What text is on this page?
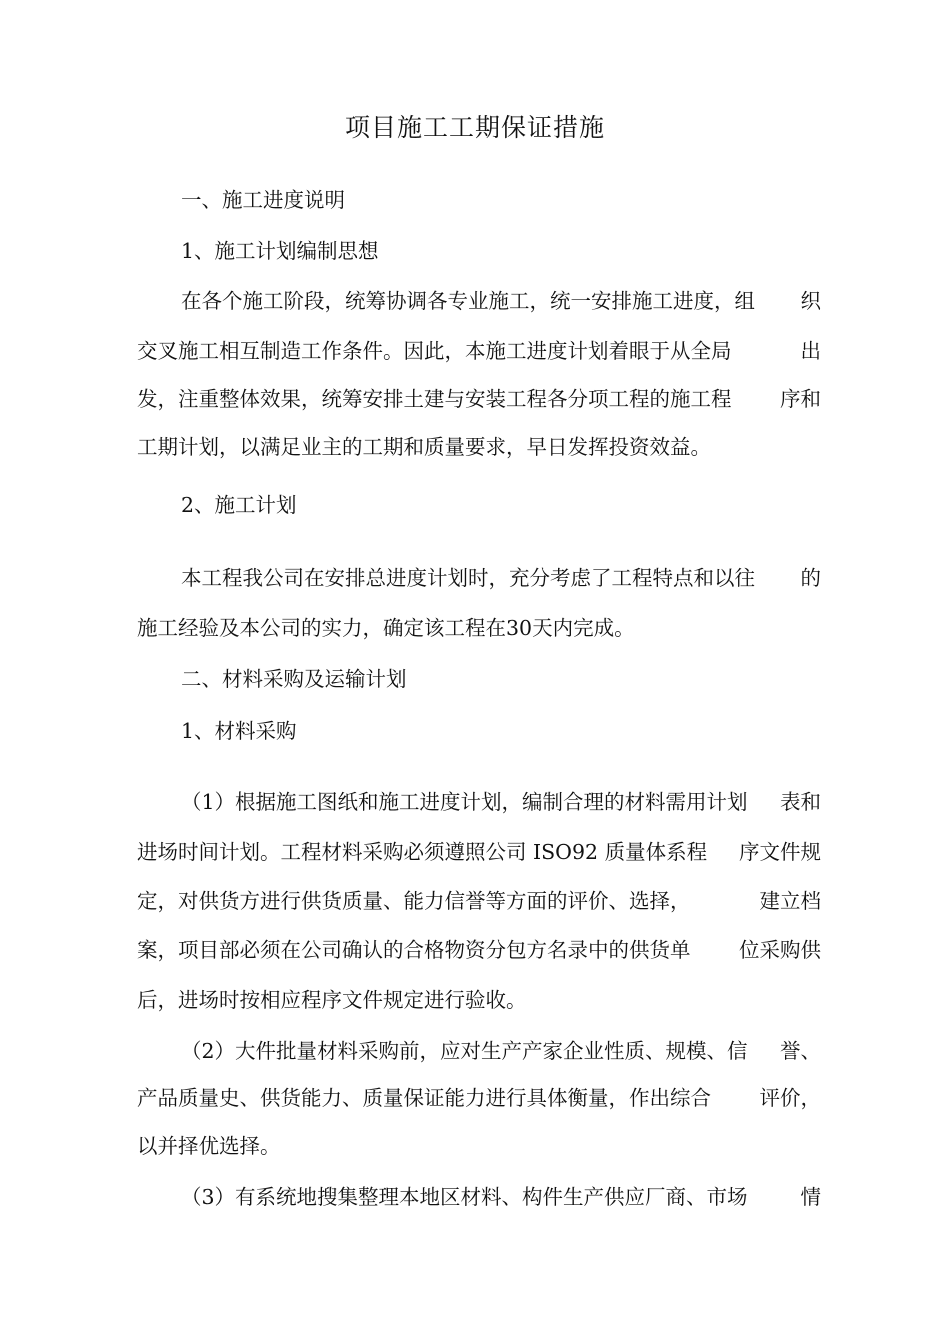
项目施工工期保证措施
一、施工进度说明
1、施工计划编制思想
在各个施工阶段，统筹协调各专业施工，统一安排施工进度，组 织
交叉施工相互制造工作条件。因此，本施工进度计划着眼于从全局	出
发，注重整体效果，统筹安排土建与安装工程各分项工程的施工程 序和
工期计划，以满足业主的工期和质量要求，早日发挥投资效益。
2、施工计划
本工程我公司在安排总进度计划时，充分考虑了工程特点和以往 的
施工经验及本公司的实力，确定该工程在30天内完成。
二、材料采购及运输计划
1、材料采购
（1）根据施工图纸和施工进度计划，编制合理的材料需用计划 表和
进场时间计划。工程材料采购必须遵照公司 ISO92 质量体系程 序文件规
定，对供货方进行供货质量、能力信誉等方面的评价、选择，	建立档
案，项目部必须在公司确认的合格物资分包方名录中的供货单 位采购供
后，进场时按相应程序文件规定进行验收。
（2）大件批量材料采购前，应对生产产家企业性质、规模、信 誉、
产品质量史、供货能力、质量保证能力进行具体衡量，作出综合 评价，
以并择优选择。
（3）有系统地搜集整理本地区材料、构件生产供应厂商、市场	情
